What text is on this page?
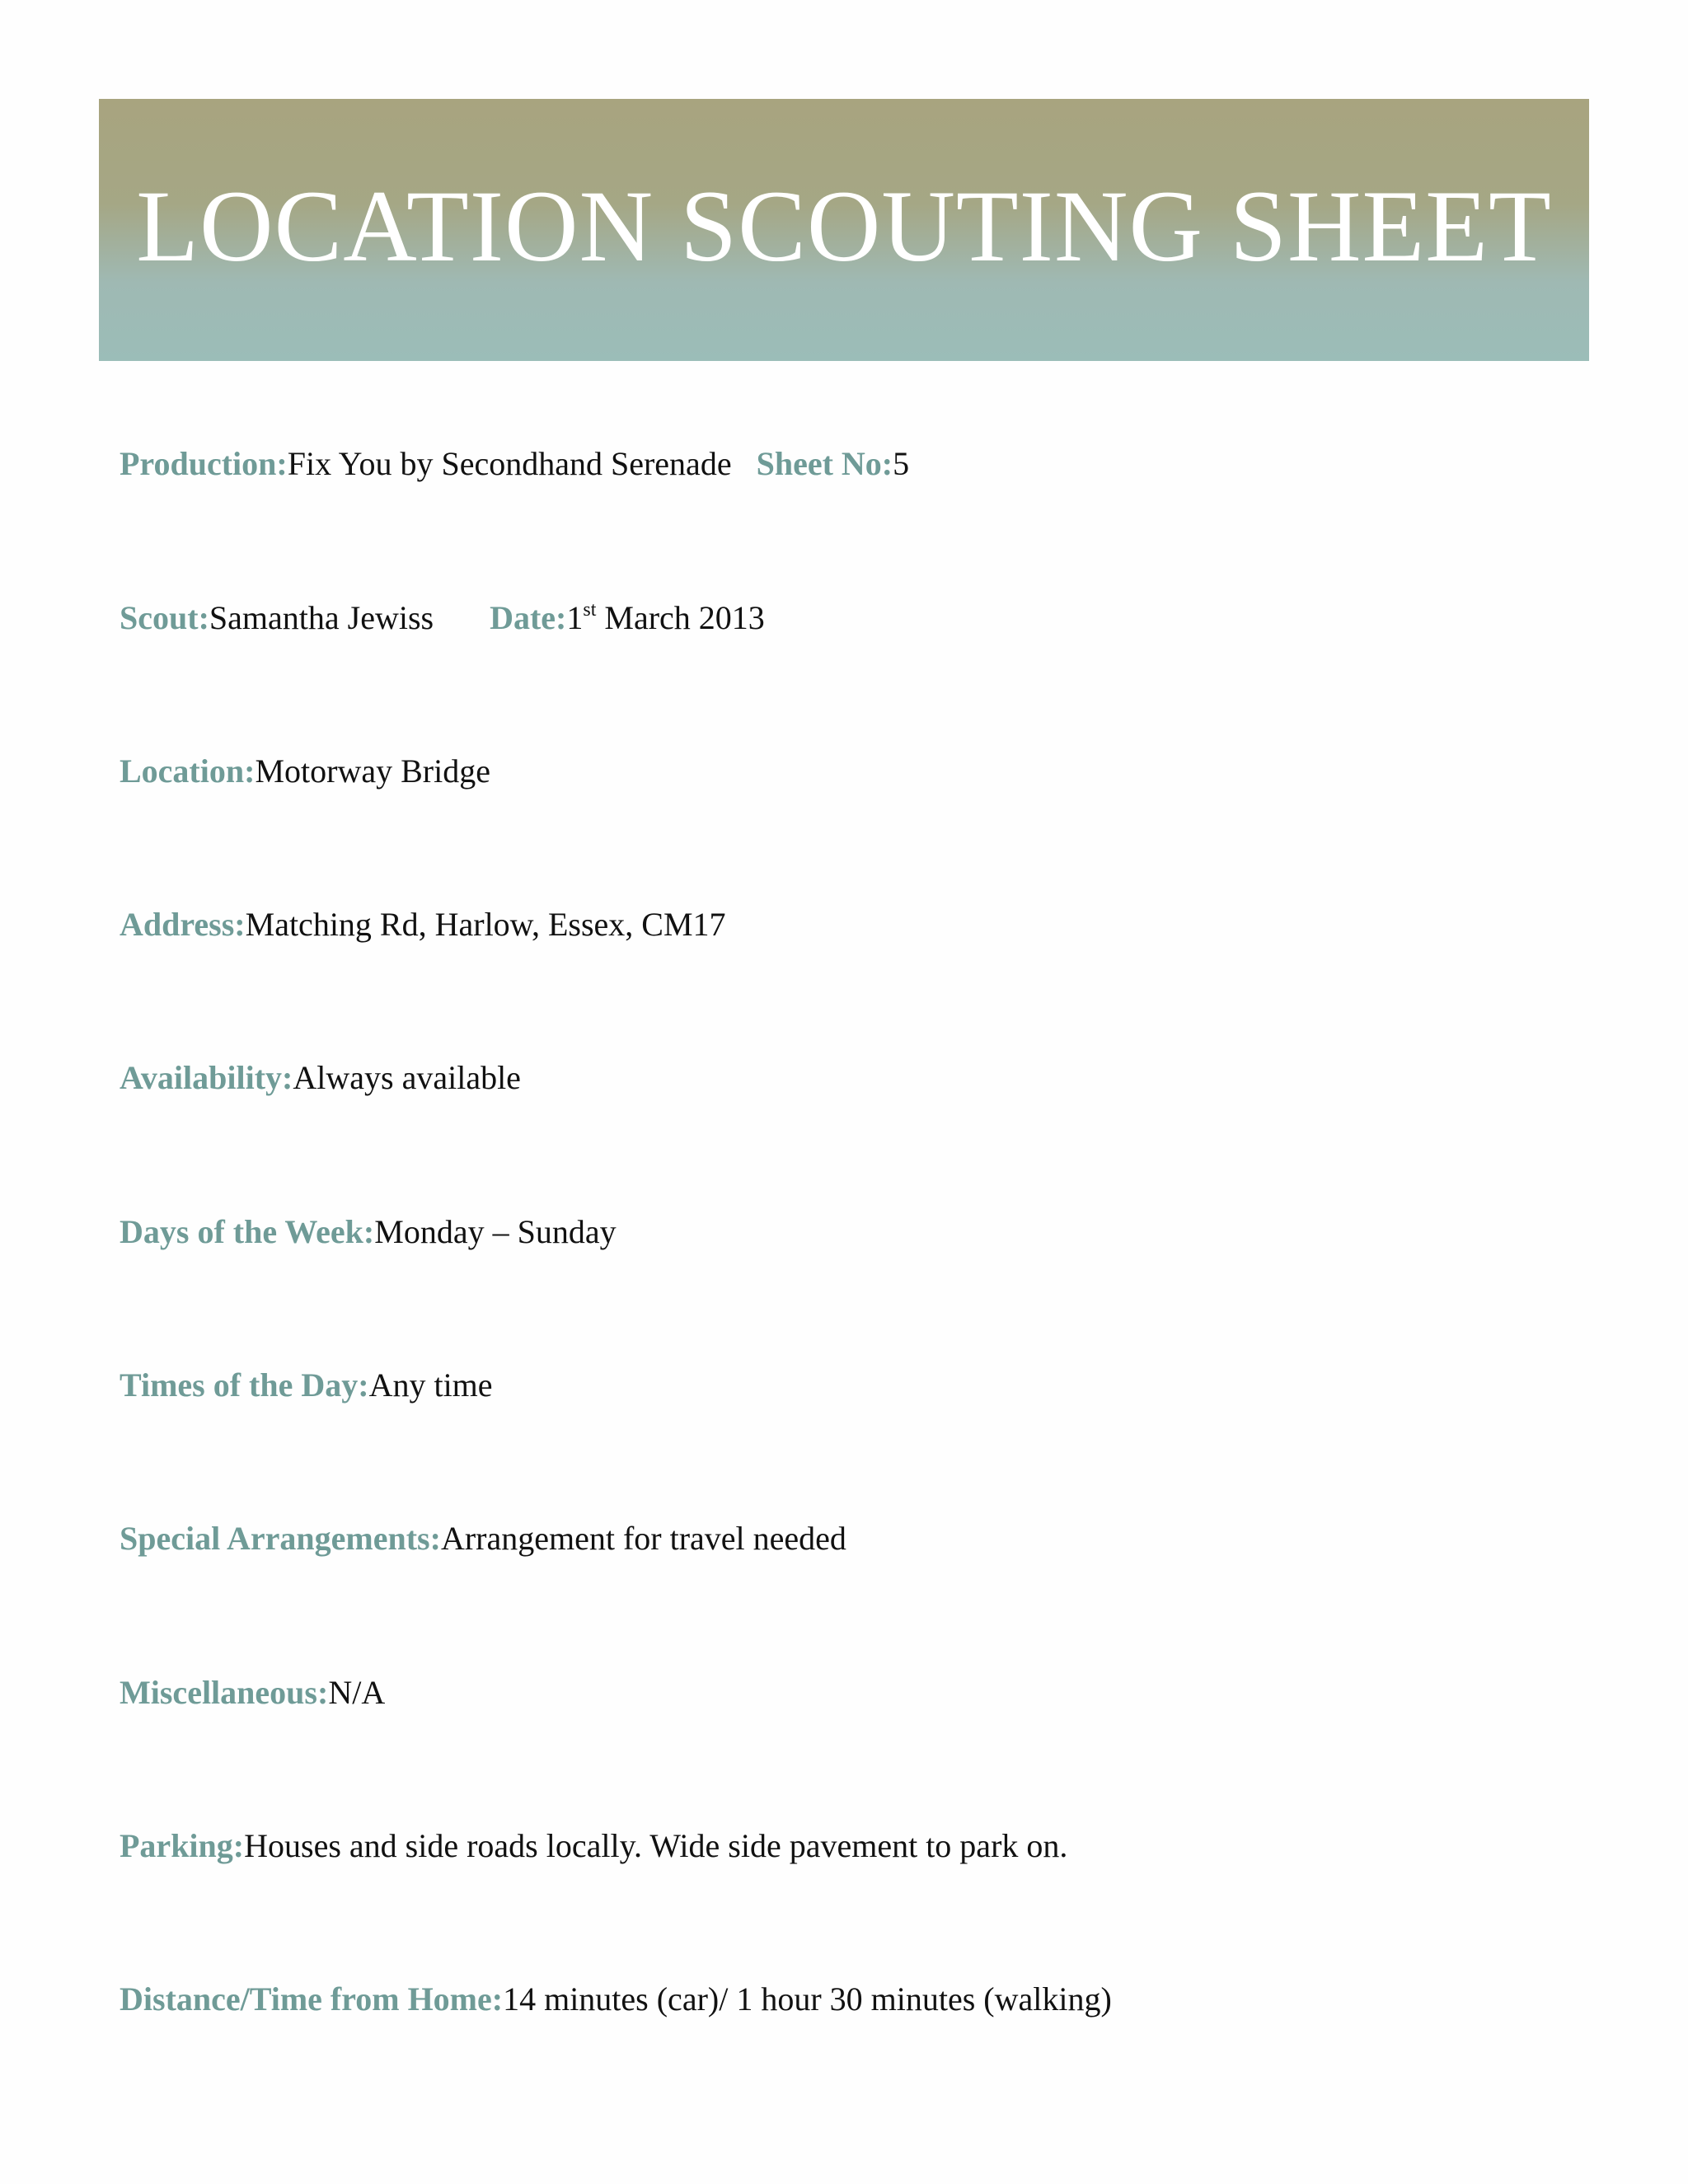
LOCATION SCOUTING SHEET
Production:Fix You by Secondhand Serenade Sheet No:5
Scout:Samantha Jewiss Date:1st March 2013
Location:Motorway Bridge
Address:Matching Rd, Harlow, Essex, CM17
Availability:Always available
Days of the Week:Monday – Sunday
Times of the Day:Any time
Special Arrangements:Arrangement for travel needed
Miscellaneous:N/A
Parking:Houses and side roads locally. Wide side pavement to park on.
Distance/Time from Home:14 minutes (car)/ 1 hour 30 minutes (walking)
